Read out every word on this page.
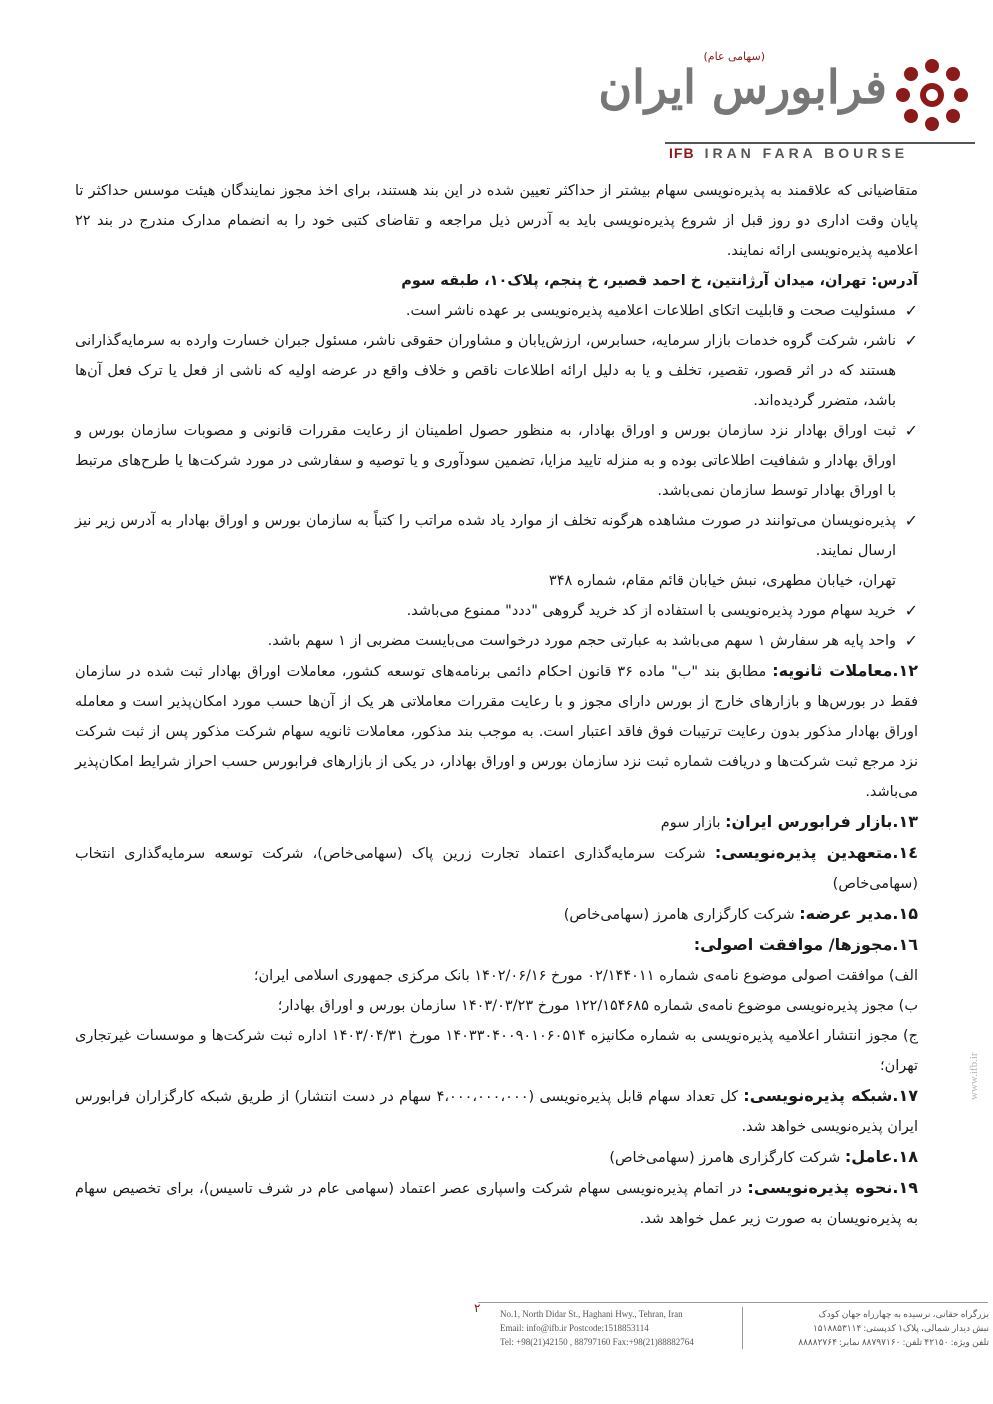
(سهامی عام)
فرابورس ایران
IFB IRAN FARA BOURSE

متقاضیانی که علاقمند به پذیره‌نویسی سهام بیشتر از حداکثر تعیین شده در این بند هستند، برای اخذ مجوز نمایندگان هیئت موسس حداکثر تا پایان وقت اداری دو روز قبل از شروع پذیره‌نویسی باید به آدرس ذیل مراجعه و تقاضای کتبی خود را به انضمام مدارک مندرج در بند ۲۲ اعلامیه پذیره‌نویسی ارائه نمایند.

آدرس: تهران، میدان آرژانتین، خ احمد قصیر، خ پنجم، پلاک۱۰، طبقه سوم

✓
مسئولیت صحت و قابلیت اتکای اطلاعات اعلامیه پذیره‌نویسی بر عهده ناشر است.
✓
ناشر، شرکت گروه خدمات بازار سرمایه، حسابرس، ارزش‌یابان و مشاوران حقوقی ناشر، مسئول جبران خسارت وارده به سرمایه‌گذارانی هستند که در اثر قصور، تقصیر، تخلف و یا به دلیل ارائه اطلاعات ناقص و خلاف واقع در عرضه اولیه که ناشی از فعل یا ترک فعل آن‌ها باشد، متضرر گردیده‌اند.
✓
ثبت اوراق بهادار نزد سازمان بورس و اوراق بهادار، به منظور حصول اطمینان از رعایت مقررات قانونی و مصوبات سازمان بورس و اوراق بهادار و شفافیت اطلاعاتی بوده و به منزله تایید مزایا، تضمین سودآوری و یا توصیه و سفارشی در مورد شرکت‌ها یا طرح‌های مرتبط با اوراق بهادار توسط سازمان نمی‌باشد.
✓
پذیره‌نویسان می‌توانند در صورت مشاهده هرگونه تخلف از موارد یاد شده مراتب را کتباً به سازمان بورس و اوراق بهادار به آدرس زیر نیز ارسال نمایند.
تهران، خیابان مطهری، نبش خیابان قائم مقام، شماره ۳۴۸
✓
خرید سهام مورد پذیره‌نویسی با استفاده از کد خرید گروهی "ددد" ممنوع می‌باشد.
✓
واحد پایه هر سفارش ۱ سهم می‌باشد به عبارتی حجم مورد درخواست می‌بایست مضربی از ۱ سهم باشد.
۱۲.معاملات ثانویه: مطابق بند "ب" ماده ۳۶ قانون احکام دائمی برنامه‌های توسعه کشور، معاملات اوراق بهادار ثبت شده در سازمان فقط در بورس‌ها و بازارهای خارج از بورس دارای مجوز و با رعایت مقررات معاملاتی هر یک از آن‌ها حسب مورد امکان‌پذیر است و معامله اوراق بهادار مذکور بدون رعایت ترتیبات فوق فاقد اعتبار است. به موجب بند مذکور، معاملات ثانویه سهام شرکت مذکور پس از ثبت شرکت نزد مرجع ثبت شرکت‌ها و دریافت شماره ثبت نزد سازمان بورس و اوراق بهادار، در یکی از بازارهای فرابورس حسب احراز شرایط امکان‌پذیر می‌باشد.
۱۳.بازار فرابورس ایران: بازار سوم
۱٤.متعهدین پذیره‌نویسی: شرکت سرمایه‌گذاری اعتماد تجارت زرین پاک (سهامی‌خاص)، شرکت توسعه سرمایه‌گذاری انتخاب (سهامی‌خاص)
۱۵.مدیر عرضه: شرکت کارگزاری هامرز (سهامی‌خاص)
۱٦.مجوزها/ موافقت اصولی:
الف) موافقت اصولی موضوع نامه‌ی شماره ۰۲/۱۴۴۰۱۱ مورخ ۱۴۰۲/۰۶/۱۶ بانک مرکزی جمهوری اسلامی ایران؛
ب) مجوز پذیره‌نویسی موضوع نامه‌ی شماره ۱۲۲/۱۵۴۶۸۵ مورخ ۱۴۰۳/۰۳/۲۳ سازمان بورس و اوراق بهادار؛
ج) مجوز انتشار اعلامیه پذیره‌نویسی به شماره مکانیزه ۱۴۰۳۳۰۴۰۰۹۰۱۰۶۰۵۱۴ مورخ ۱۴۰۳/۰۴/۳۱ اداره ثبت شرکت‌ها و موسسات غیرتجاری تهران؛
۱۷.شبکه پذیره‌نویسی: کل تعداد سهام قابل پذیره‌نویسی (۴،۰۰۰،۰۰۰،۰۰۰ سهام در دست انتشار) از طریق شبکه کارگزاران فرابورس ایران پذیره‌نویسی خواهد شد.
۱۸.عامل: شرکت کارگزاری هامرز (سهامی‌خاص)
۱۹.نحوه پذیره‌نویسی: در اتمام پذیره‌نویسی سهام شرکت واسپاری عصر اعتماد (سهامی عام در شرف تاسیس)، برای تخصیص سهام به پذیره‌نویسان به صورت زیر عمل خواهد شد.
www.ifb.ir
۲ No.1, North Didar St., Haghani Hwy., Tehran, Iran
Email: info@ifb.ir Postcode:1518853114
Tel: +98(21)42150 , 88797160 Fax:+98(21)88882764
بزرگراه حقانی، نرسیده به چهارراه جهان کودک
نبش دیدار شمالی، پلاک۱ کدپستی: ۱۵۱۸۸۵۳۱۱۴
تلفن ویژه: ۴۲۱۵۰ تلفن: ۸۸۷۹۷۱۶۰ نمابر: ۸۸۸۸۲۷۶۴
